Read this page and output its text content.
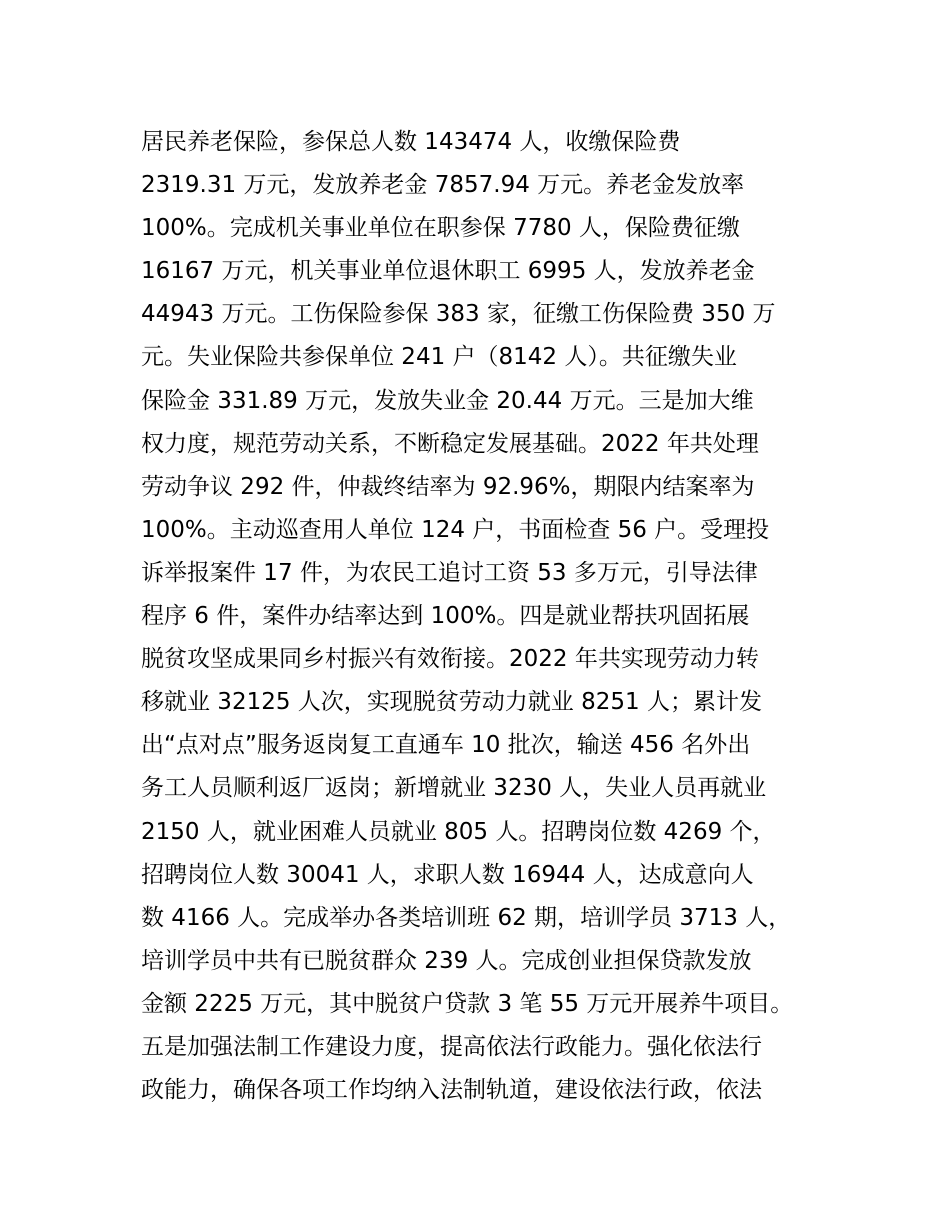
居民养老保险，参保总人数 143474 人，收缴保险费
2319.31 万元，发放养老金 7857.94 万元。养老金发放率
100%。完成机关事业单位在职参保 7780 人，保险费征缴
16167 万元，机关事业单位退休职工 6995 人，发放养老金
44943 万元。工伤保险参保 383 家，征缴工伤保险费 350 万
元。失业保险共参保单位 241 户（8142 人）。共征缴失业
保险金 331.89 万元，发放失业金 20.44 万元。三是加大维
权力度，规范劳动关系，不断稳定发展基础。2022 年共处理
劳动争议 292 件，仲裁终结率为 92.96%，期限内结案率为
100%。主动巡查用人单位 124 户，书面检查 56 户。受理投
诉举报案件 17 件，为农民工追讨工资 53 多万元，引导法律
程序 6 件，案件办结率达到 100%。四是就业帮扶巩固拓展
脱贫攻坚成果同乡村振兴有效衔接。2022 年共实现劳动力转
移就业 32125 人次，实现脱贫劳动力就业 8251 人；累计发
出“点对点”服务返岗复工直通车 10 批次，输送 456 名外出
务工人员顺利返厂返岗；新增就业 3230 人，失业人员再就业
2150 人，就业困难人员就业 805 人。招聘岗位数 4269 个，
招聘岗位人数 30041 人，求职人数 16944 人，达成意向人
数 4166 人。完成举办各类培训班 62 期，培训学员 3713 人，
培训学员中共有已脱贫群众 239 人。完成创业担保贷款发放
金额 2225 万元，其中脱贫户贷款 3 笔 55 万元开展养牛项目。
五是加强法制工作建设力度，提高依法行政能力。强化依法行
政能力，确保各项工作均纳入法制轨道，建设依法行政，依法
